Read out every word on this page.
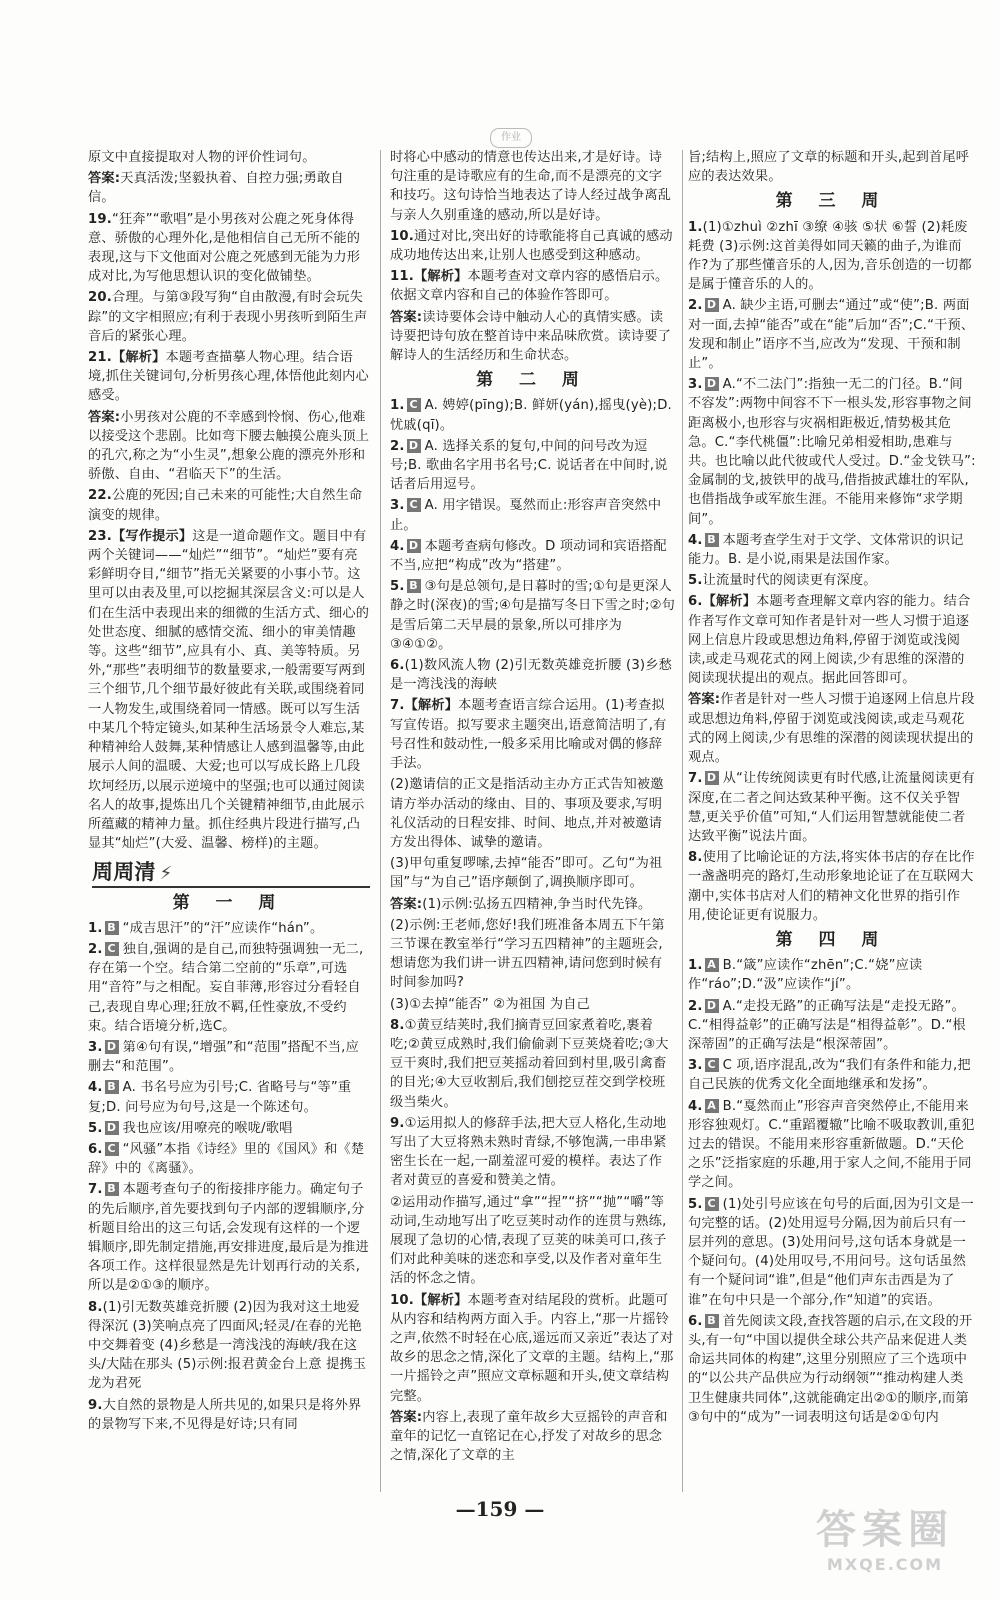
作业
原文中直接提取对人物的评价性词句。
答案:天真活泼;坚毅执着、自控力强;勇敢自信。
19.“狂奔”“歌唱”是小男孩对公鹿之死身体得意、骄傲的心理外化,是他相信自己无所不能的表现,这与下文他面对公鹿之死感到无能为力形成对比,为写他思想认识的变化做铺垫。
20.合理。与第③段写狗“自由散漫,有时会玩失踪”的文字相照应;有利于表现小男孩听到陌生声音后的紧张心理。
21.【解析】本题考查描摹人物心理。结合语境,抓住关键词句,分析男孩心理,体悟他此刻内心感受。
答案:小男孩对公鹿的不幸感到怜悯、伤心,他难以接受这个悲剧。比如弯下腰去触摸公鹿头顶上的孔穴,称之为“小生灵”,想象公鹿的漂亮外形和骄傲、自由、“君临天下”的生活。
22.公鹿的死因;自己未来的可能性;大自然生命演变的规律。
23.【写作提示】这是一道命题作文。题目中有两个关键词——“灿烂”“细节”。“灿烂”要有亮彩鲜明夺目,“细节”指无关紧要的小事小节。这里可以由表及里,可以挖掘其深层含义:可以是人们在生活中表现出来的细微的生活方式、细心的处世态度、细腻的感情交流、细小的审美情趣等。这些“细节”,应具有小、真、美等特质。另外,“那些”表明细节的数量要求,一般需要写两到三个细节,几个细节最好彼此有关联,或围绕着同一人物发生,或围绕着同一情感。既可以写生活中某几个特定镜头,如某种生活场景令人难忘,某种精神给人鼓舞,某种情感让人感到温馨等,由此展示人间的温暖、大爱;也可以写成长路上几段坎坷经历,以展示逆境中的坚强;也可以通过阅读名人的故事,提炼出几个关键精神细节,由此展示所蕴藏的精神力量。抓住经典片段进行描写,凸显其“灿烂”(大爱、温馨、榜样)的主题。
周周清 ⚡
第 一 周
1. B “成吉思汗”的“汗”应读作“hán”。
2. C 独自,强调的是自己,而独特强调独一无二,存在第一个空。结合第二空前的“乐章”,可选用“音符”与之相配。妄自菲薄,形容过分看轻自己,表现自卑心理;狂放不羁,任性豪放,不受约束。结合语境分析,选C。
3. D 第④句有误,“增强”和“范围”搭配不当,应删去“和范围”。
4. B A. 书名号应为引号;C. 省略号与“等”重复;D. 问号应为句号,这是一个陈述句。
5. D 我也应该/用嘹亮的喉咙/歌唱
6. C “风骚”本指《诗经》里的《国风》和《楚辞》中的《离骚》。
7. B 本题考查句子的衔接排序能力。确定句子的先后顺序,首先要找到句子内部的逻辑顺序,分析题目给出的这三句话,会发现有这样的一个逻辑顺序,即先制定措施,再安排进度,最后是为推进各项工作。这样很显然是先计划再行动的关系,所以是②①③的顺序。
8.(1)引无数英雄竞折腰 (2)因为我对这土地爱得深沉 (3)笑响点亮了四面风;轻灵/在春的光艳中交舞着变 (4)乡愁是一湾浅浅的海峡/我在这头/大陆在那头 (5)示例:报君黄金台上意 提携玉龙为君死
9.大自然的景物是人所共见的,如果只是将外界的景物写下来,不见得是好诗;只有同
时将心中感动的情意也传达出来,才是好诗。诗句注重的是诗歌应有的生命,而不是漂亮的文字和技巧。这句诗恰当地表达了诗人经过战争离乱与亲人久别重逢的感动,所以是好诗。
10.通过对比,突出好的诗歌能将自己真诚的感动成功地传达出来,让别人也感受到这种感动。
11.【解析】本题考查对文章内容的感悟启示。依据文章内容和自己的体验作答即可。
答案:读诗要体会诗中触动人心的真情实感。读诗要把诗句放在整首诗中来品味欣赏。读诗要了解诗人的生活经历和生命状态。
第 二 周
1. C A. 娉婷(pīng);B. 鲜妍(yán),摇曳(yè);D. 忧戚(qī)。
2. D A. 选择关系的复句,中间的问号改为逗号;B. 歌曲名字用书名号;C. 说话者在中间时,说话者后用逗号。
3. C A. 用字错误。戛然而止:形容声音突然中止。
4. D 本题考查病句修改。D 项动词和宾语搭配不当,应把“构成”改为“搭建”。
5. B ③句是总领句,是日暮时的雪;①句是更深人静之时(深夜)的雪;④句是描写冬日下雪之时;②句是雪后第二天早晨的景象,所以可排序为③④①②。
6.(1)数风流人物 (2)引无数英雄竞折腰 (3)乡愁是一湾浅浅的海峡
7.【解析】本题考查语言综合运用。(1)考查拟写宣传语。拟写要求主题突出,语意简洁明了,有号召性和鼓动性,一般多采用比喻或对偶的修辞手法。
(2)邀请信的正文是指活动主办方正式告知被邀请方举办活动的缘由、目的、事项及要求,写明礼仪活动的日程安排、时间、地点,并对被邀请方发出得体、诚挚的邀请。
(3)甲句重复啰嗦,去掉“能否”即可。乙句“为祖国”与“为自己”语序颠倒了,调换顺序即可。
答案:(1)示例:弘扬五四精神,争当时代先锋。
(2)示例:王老师,您好!我们班准备本周五下午第三节课在教室举行“学习五四精神”的主题班会,想请您为我们讲一讲五四精神,请问您到时候有时间参加吗?
(3)①去掉“能否” ②为祖国 为自己
8.①黄豆结荚时,我们摘青豆回家煮着吃,裹着吃;②黄豆成熟时,我们偷偷剥下豆荚烧着吃;③大豆干爽时,我们把豆荚摇动着回到村里,吸引禽畜的目光;④大豆收割后,我们刨挖豆茬交到学校班级当柴火。
9.①运用拟人的修辞手法,把大豆人格化,生动地写出了大豆将熟未熟时青绿,不够饱满,一串串紧密生长在一起,一副羞涩可爱的模样。表达了作者对黄豆的喜爱和赞美之情。
②运用动作描写,通过“拿”“捏”“挤”“抛”“嚼”等动词,生动地写出了吃豆荚时动作的连贯与熟练,展现了急切的心情,表现了豆荚的味美可口,孩子们对此种美味的迷恋和享受,以及作者对童年生活的怀念之情。
10.【解析】本题考查对结尾段的赏析。此题可从内容和结构两方面入手。内容上,“那一片摇铃之声,依然不时轻在心底,遥远而又亲近”表达了对故乡的思念之情,深化了文章的主题。结构上,“那一片摇铃之声”照应文章标题和开头,使文章结构完整。
答案:内容上,表现了童年故乡大豆摇铃的声音和童年的记忆一直铭记在心,抒发了对故乡的思念之情,深化了文章的主
旨;结构上,照应了文章的标题和开头,起到首尾呼应的表达效果。
第 三 周
1.(1)①zhuì ②zhī ③缭 ④骇 ⑤状 ⑥誓 (2)耗废 耗费 (3)示例:这首美得如同天籁的曲子,为谁而作?为了那些懂音乐的人,因为,音乐创造的一切都是属于懂音乐的人的。
2. D A. 缺少主语,可删去“通过”或“使”;B. 两面对一面,去掉“能否”或在“能”后加“否”;C.“干预、发现和制止”语序不当,应改为“发现、干预和制止”。
3. D A.“不二法门”:指独一无二的门径。B.“间不容发”:两物中间容不下一根头发,形容事物之间距离极小,也形容与灾祸相距极近,情势极其危急。C.“李代桃僵”:比喻兄弟相爱相助,患难与共。也比喻以此代彼或代人受过。D.“金戈铁马”:金属制的戈,披铁甲的战马,借指披武雄壮的军队,也借指战争或军旅生涯。不能用来修饰“求学期间”。
4. B 本题考查学生对于文学、文体常识的识记能力。B. 是小说,雨果是法国作家。
5.让流量时代的阅读更有深度。
6.【解析】本题考查理解文章内容的能力。结合作者写作文章可知作者是针对一些人习惯于追逐网上信息片段或思想边角料,停留于浏览或浅阅读,或走马观花式的网上阅读,少有思维的深潜的阅读现状提出的观点。据此回答即可。
答案:作者是针对一些人习惯于追逐网上信息片段或思想边角料,停留于浏览或浅阅读,或走马观花式的网上阅读,少有思维的深潜的阅读现状提出的观点。
7. D 从“让传统阅读更有时代感,让流量阅读更有深度,在二者之间达致某种平衡。这不仅关乎智慧,更关乎价值”可知,“人们运用智慧就能使二者达致平衡”说法片面。
8.使用了比喻论证的方法,将实体书店的存在比作一盏盏明亮的路灯,生动形象地论证了在互联网大潮中,实体书店对人们的精神文化世界的指引作用,使论证更有说服力。
第 四 周
1. A B.“箴”应读作“zhēn”;C.“娆”应读作“ráo”;D.“汲”应读作“jí”。
2. D A.“走投无路”的正确写法是“走投无路”。C.“相得益彰”的正确写法是“相得益彰”。D.“根深蒂固”的正确写法是“根深蒂固”。
3. C C 项,语序混乱,改为“我们有条件和能力,把自己民族的优秀文化全面地继承和发扬”。
4. A B.“戛然而止”形容声音突然停止,不能用来形容独观灯。C.“重蹈覆辙”比喻不吸取教训,重犯过去的错误。不能用来形容重新做题。D.“天伦之乐”泛指家庭的乐趣,用于家人之间,不能用于同学之间。
5. C (1)处引号应该在句号的后面,因为引文是一句完整的话。(2)处用逗号分隔,因为前后只有一层并列的意思。(3)处用问号,这句话本身就是一个疑问句。(4)处用叹号,不用问号。这句话虽然有一个疑问词“谁”,但是“他们声东击西是为了谁”在句中只是一个部分,作“知道”的宾语。
6. B 首先阅读文段,查找答题的启示,在文段的开头,有一句“中国以提供全球公共产品来促进人类命运共同体的构建”,这里分别照应了三个选项中的“以公共产品供应为行动纲领”“推动构建人类卫生健康共同体”,这就能确定出②①的顺序,而第③句中的“成为”一词表明这句话是②①句内
—159 —	答案圈
MXQE.COM
